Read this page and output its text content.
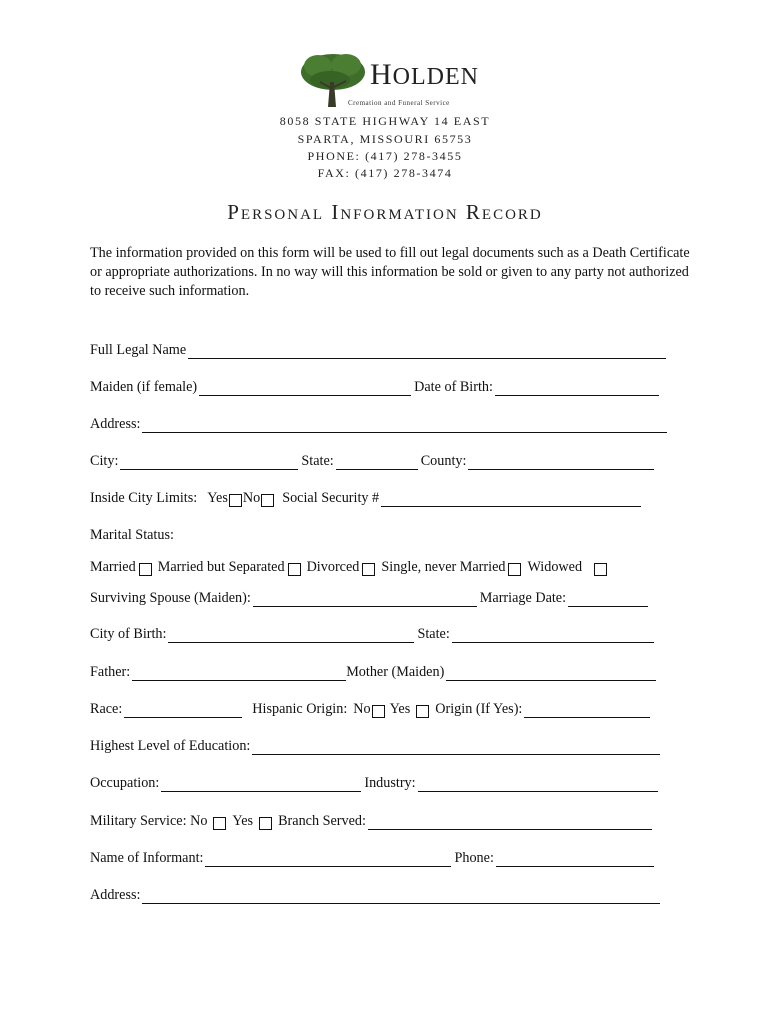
HOLDEN
Cremation and Funeral Service
8058 STATE HIGHWAY 14 EAST
SPARTA, MISSOURI 65753
PHONE: (417) 278-3455
FAX: (417) 278-3474
Personal Information Record
The information provided on this form will be used to fill out legal documents such as a Death Certificate or appropriate authorizations. In no way will this information be sold or given to any party not authorized to receive such information.
Full Legal Name
Maiden (if female)	Date of Birth:
Address:
City:	State:	County:
Inside City Limits: Yes No Social Security #
Marital Status:
Married Married but Separated Divorced Single, never Married Widowed
Surviving Spouse (Maiden):	Marriage Date:
City of Birth:	State:
Father:	Mother (Maiden)
Race:	Hispanic Origin: No Yes Origin (If Yes):
Highest Level of Education:
Occupation:	Industry:
Military Service: No Yes Branch Served:
Name of Informant:	Phone:
Address:
